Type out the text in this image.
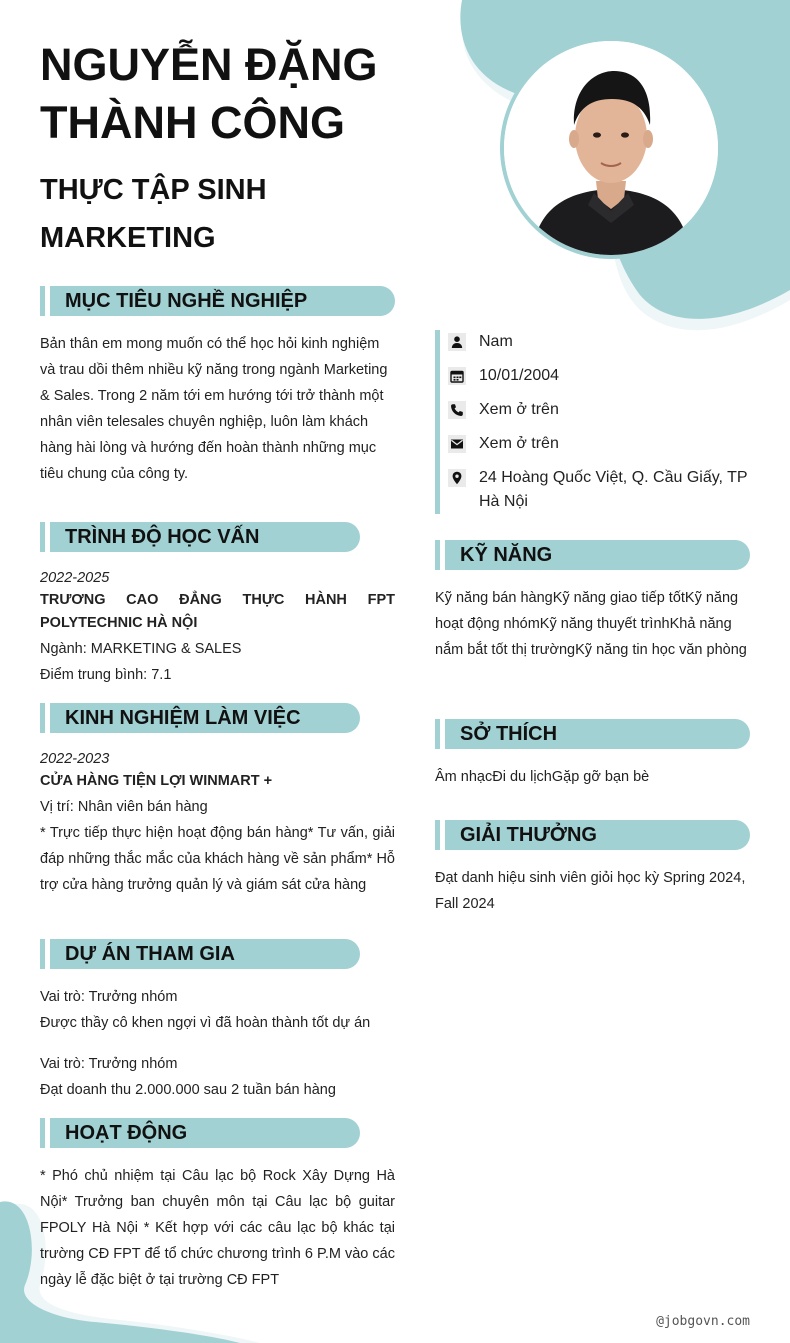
NGUYỄN ĐẶNG THÀNH CÔNG
THỰC TẬP SINH MARKETING
Nam
10/01/2004
Xem ở trên
Xem ở trên
24 Hoàng Quốc Việt, Q. Cầu Giấy, TP Hà Nội
MỤC TIÊU NGHỀ NGHIỆP
Bản thân em mong muốn có thể học hỏi kinh nghiệm và trau dồi thêm nhiều kỹ năng trong ngành Marketing & Sales. Trong 2 năm tới em hướng tới trở thành một nhân viên telesales chuyên nghiệp, luôn làm khách hàng hài lòng và hướng đến hoàn thành những mục tiêu chung của công ty.
TRÌNH ĐỘ HỌC VẤN
2022-2025
TRƯƠNG CAO ĐẲNG THỰC HÀNH FPT POLYTECHNIC HÀ NỘI
Ngành: MARKETING & SALES
Điểm trung bình: 7.1
KINH NGHIỆM LÀM VIỆC
2022-2023
CỬA HÀNG TIỆN LỢI WINMART +
Vị trí: Nhân viên bán hàng
* Trực tiếp thực hiện hoạt động bán hàng* Tư vấn, giải đáp những thắc mắc của khách hàng về sản phẩm* Hỗ trợ cửa hàng trưởng quản lý và giám sát cửa hàng
DỰ ÁN THAM GIA
Vai trò: Trưởng nhóm
Được thầy cô khen ngợi vì đã hoàn thành tốt dự án
Vai trò: Trưởng nhóm
Đạt doanh thu 2.000.000 sau 2 tuần bán hàng
HOẠT ĐỘNG
* Phó chủ nhiệm tại Câu lạc bộ Rock Xây Dựng Hà Nội* Trưởng ban chuyên môn tại Câu lạc bộ guitar FPOLY Hà Nội * Kết hợp với các câu lạc bộ khác tại trường CĐ FPT để tổ chức chương trình 6 P.M vào các ngày lễ đặc biệt ở tại trường CĐ FPT
KỸ NĂNG
Kỹ năng bán hàngKỹ năng giao tiếp tốtKỹ năng hoạt động nhómKỹ năng thuyết trìnhKhả năng nắm bắt tốt thị trườngKỹ năng tin học văn phòng
SỞ THÍCH
Âm nhạcĐi du lịchGặp gỡ bạn bè
GIẢI THƯỞNG
Đạt danh hiệu sinh viên giỏi học kỳ Spring 2024, Fall 2024
@jobgovn.com
